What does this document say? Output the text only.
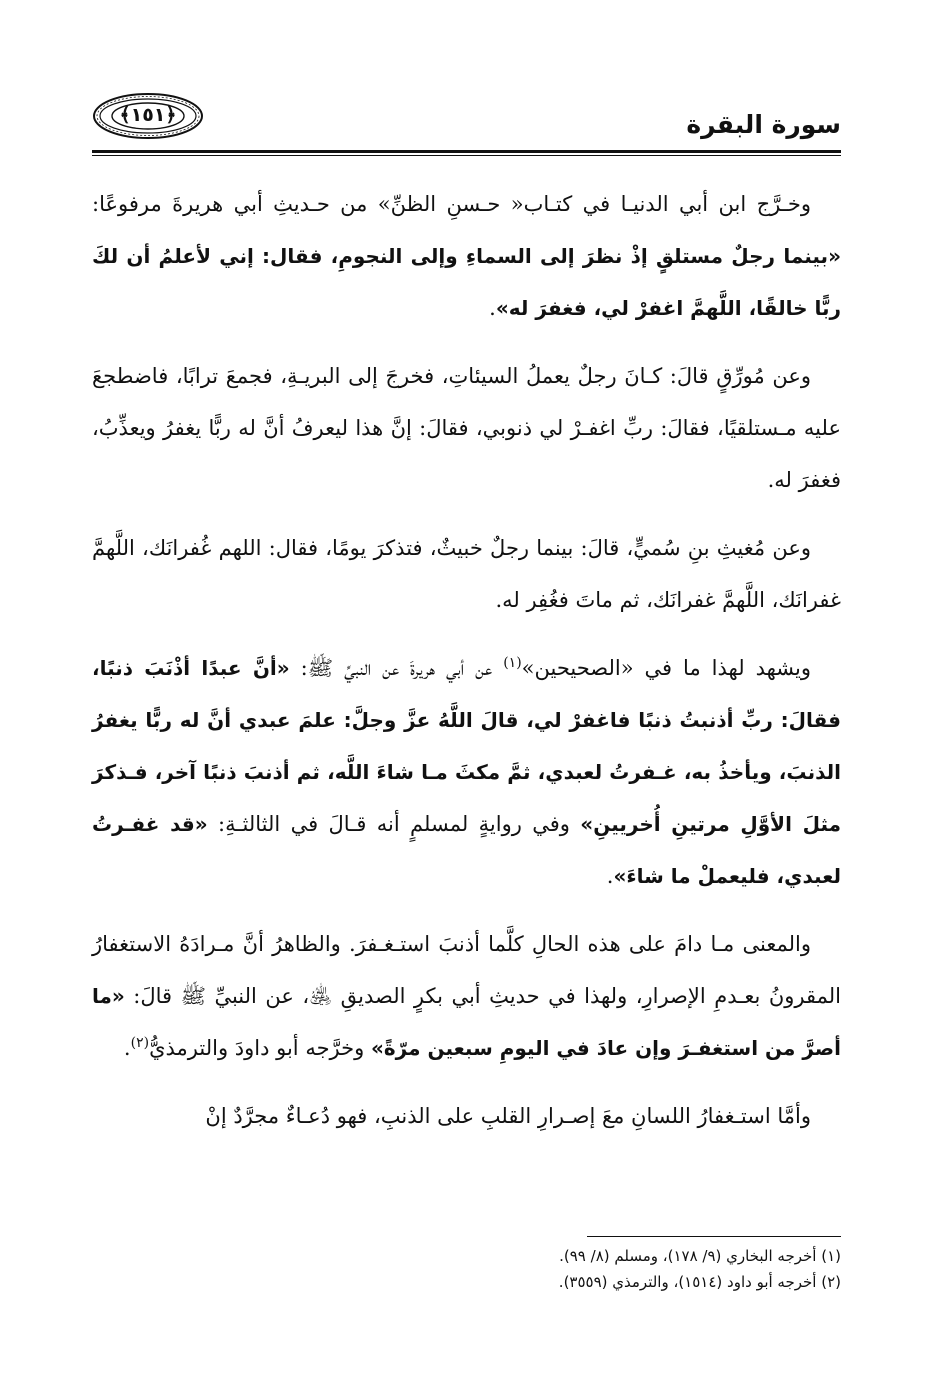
سورة البقرة
﴿١٥١﴾

وخـرَّج ابن أبي الدنيـا في كتـاب« حـسنِ الظنِّ» من حـديثِ أبي هريرةَ مرفوعًا: «بينما رجلٌ مستلقٍ إذْ نظرَ إلى السماءِ وإلى النجومِ، فقال: إني لأعلمُ أن لكَ ربًّا خالقًا، اللَّهمَّ اغفرْ لي، فغفرَ له».

وعن مُورِّقٍ قالَ: كـانَ رجلٌ يعملُ السيئاتِ، فخرجَ إلى البريـةِ، فجمعَ ترابًا، فاضطجعَ عليه مـستلقيًا، فقالَ: ربِّ اغفـرْ لي ذنوبي، فقالَ: إنَّ هذا ليعرفُ أنَّ له ربًّا يغفرُ ويعذِّبُ، فغفرَ له.

وعن مُغيثِ بنِ سُميٍّ، قالَ: بينما رجلٌ خبيثٌ، فتذكرَ يومًا، فقال: اللهم غُفرانَك، اللَّهمَّ غفرانَك، اللَّهمَّ غفرانَك، ثم ماتَ فغُفِر له.

ويشهد لهذا ما في «الصحيحين»$^{(١)}$ عن أبي هريرةَ عن النبيِّ ﷺ: «أنَّ عبدًا أذْنَبَ ذنبًا، فقالَ: ربِّ أذنبتُ ذنبًا فاغفرْ لي، قالَ اللَّهُ عزَّ وجلَّ: علمَ عبدي أنَّ له ربًّا يغفرُ الذنبَ، ويأخذُ به، غـفرتُ لعبدي، ثمَّ مكثَ مـا شاءَ اللَّه، ثم أذنبَ ذنبًا آخر، فـذكرَ مثلَ الأوَّلِ مرتينِ أُخريينِ» وفي روايةٍ لمسلمٍ أنه قـالَ في الثالثـةِ: «قد غفـرتُ لعبدي، فليعملْ ما شاءَ».

والمعنى مـا دامَ على هذه الحالِ كلَّما أذنبَ استـغـفرَ. والظاهرُ أنَّ مـرادَهُ الاستغفارُ المقرونُ بعـدمِ الإصرارِ، ولهذا في حديثِ أبي بكرٍ الصديقِ ﵁، عن النبيِّ ﷺ قالَ: «ما أصرَّ من استغفـرَ وإن عادَ في اليومِ سبعين مرّةً» وخرَّجه أبو داودَ والترمذيُّ$^{(٢)}$.

وأمَّا استـغفارُ اللسانِ معَ إصـرارِ القلبِ على الذنبِ، فهو دُعـاءٌ مجرَّدٌ إنْ

(١) أخرجه البخاري (٩/ ١٧٨)، ومسلم (٨/ ٩٩).

(٢) أخرجه أبو داود (١٥١٤)، والترمذي (٣٥٥٩).
